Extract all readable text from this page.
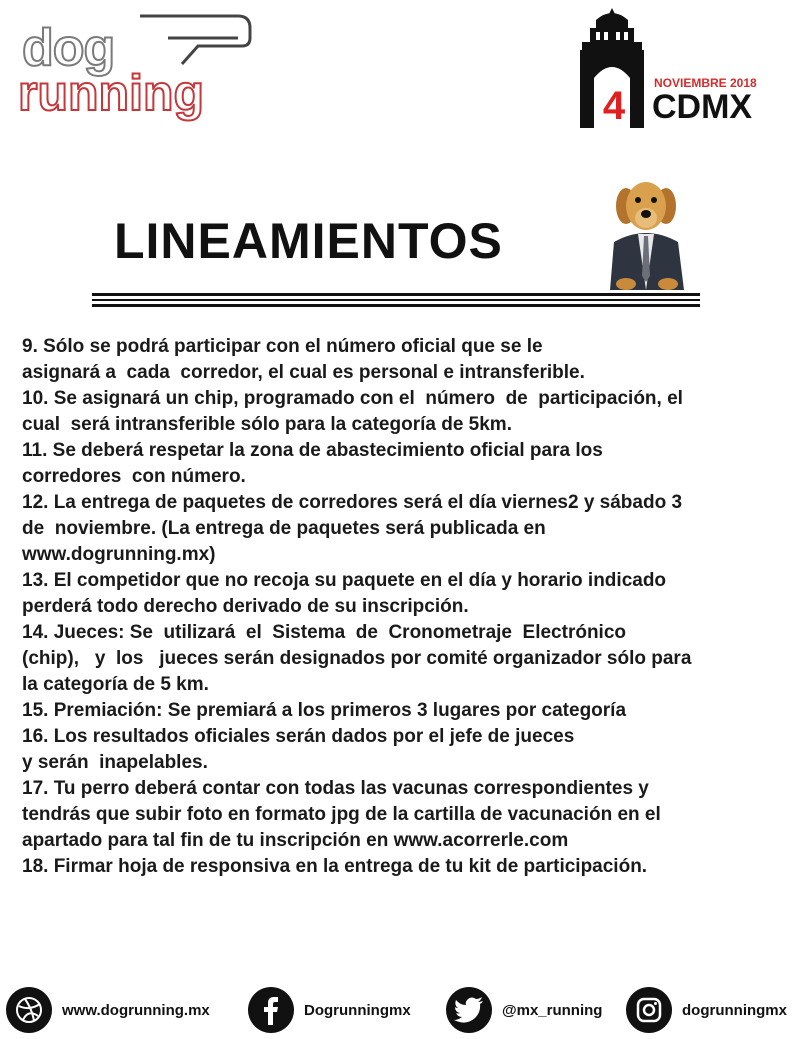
dog
running	4
NOVIEMBRE 2018
CDMX
LINEAMIENTOS

9. Sólo se podrá participar con el número oficial que se le
asignará a  cada  corredor, el cual es personal e intransferible.

10. Se asignará un chip, programado con el  número  de  participación, el
cual  será intransferible sólo para la categoría de 5km.

11. Se deberá respetar la zona de abastecimiento oficial para los
corredores  con número.

12. La entrega de paquetes de corredores será el día viernes2 y sábado 3
de  noviembre. (La entrega de paquetes será publicada en
www.dogrunning.mx)

13. El competidor que no recoja su paquete en el día y horario indicado
perderá todo derecho derivado de su inscripción.

14. Jueces: Se  utilizará  el  Sistema  de  Cronometraje  Electrónico
(chip),   y  los   jueces serán designados por comité organizador sólo para
la categoría de 5 km.

15. Premiación: Se premiará a los primeros 3 lugares por categoría

16. Los resultados oficiales serán dados por el jefe de jueces
y serán  inapelables.

17. Tu perro deberá contar con todas las vacunas correspondientes y
tendrás que subir foto en formato jpg de la cartilla de vacunación en el
apartado para tal fin de tu inscripción en www.acorrerle.com

18. Firmar hoja de responsiva en la entrega de tu kit de participación.

www.dogrunning.mx	Dogrunningmx	@mx_running	dogrunningmx
